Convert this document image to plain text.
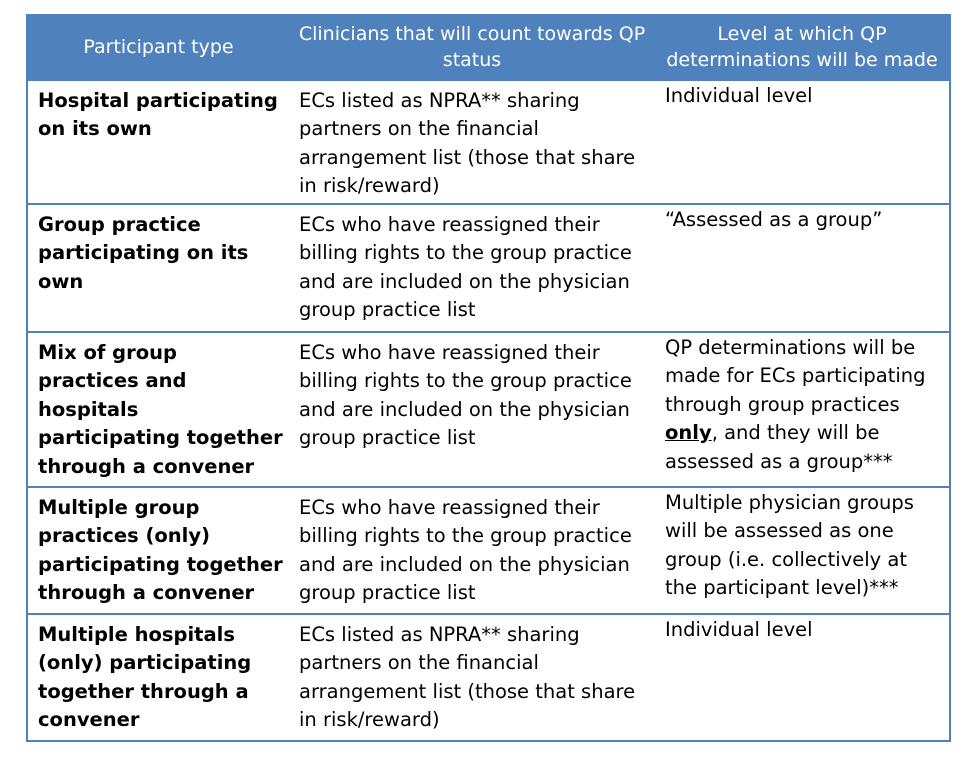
Participant type	Clinicians that will count towards QP status	Level at which QP determinations will be made
Hospital participating on its own	ECs listed as NPRA** sharing partners on the financial arrangement list (those that share in risk/reward)	Individual level
Group practice participating on its own	ECs who have reassigned their billing rights to the group practice and are included on the physician group practice list	“Assessed as a group”
Mix of group practices and hospitals participating together through a convener	ECs who have reassigned their billing rights to the group practice and are included on the physician group practice list	QP determinations will be made for ECs participating through group practices only, and they will be assessed as a group***
Multiple group practices (only) participating together through a convener	ECs who have reassigned their billing rights to the group practice and are included on the physician group practice list	Multiple physician groups will be assessed as one group (i.e. collectively at the participant level)***
Multiple hospitals (only) participating together through a convener	ECs listed as NPRA** sharing partners on the financial arrangement list (those that share in risk/reward)	Individual level
